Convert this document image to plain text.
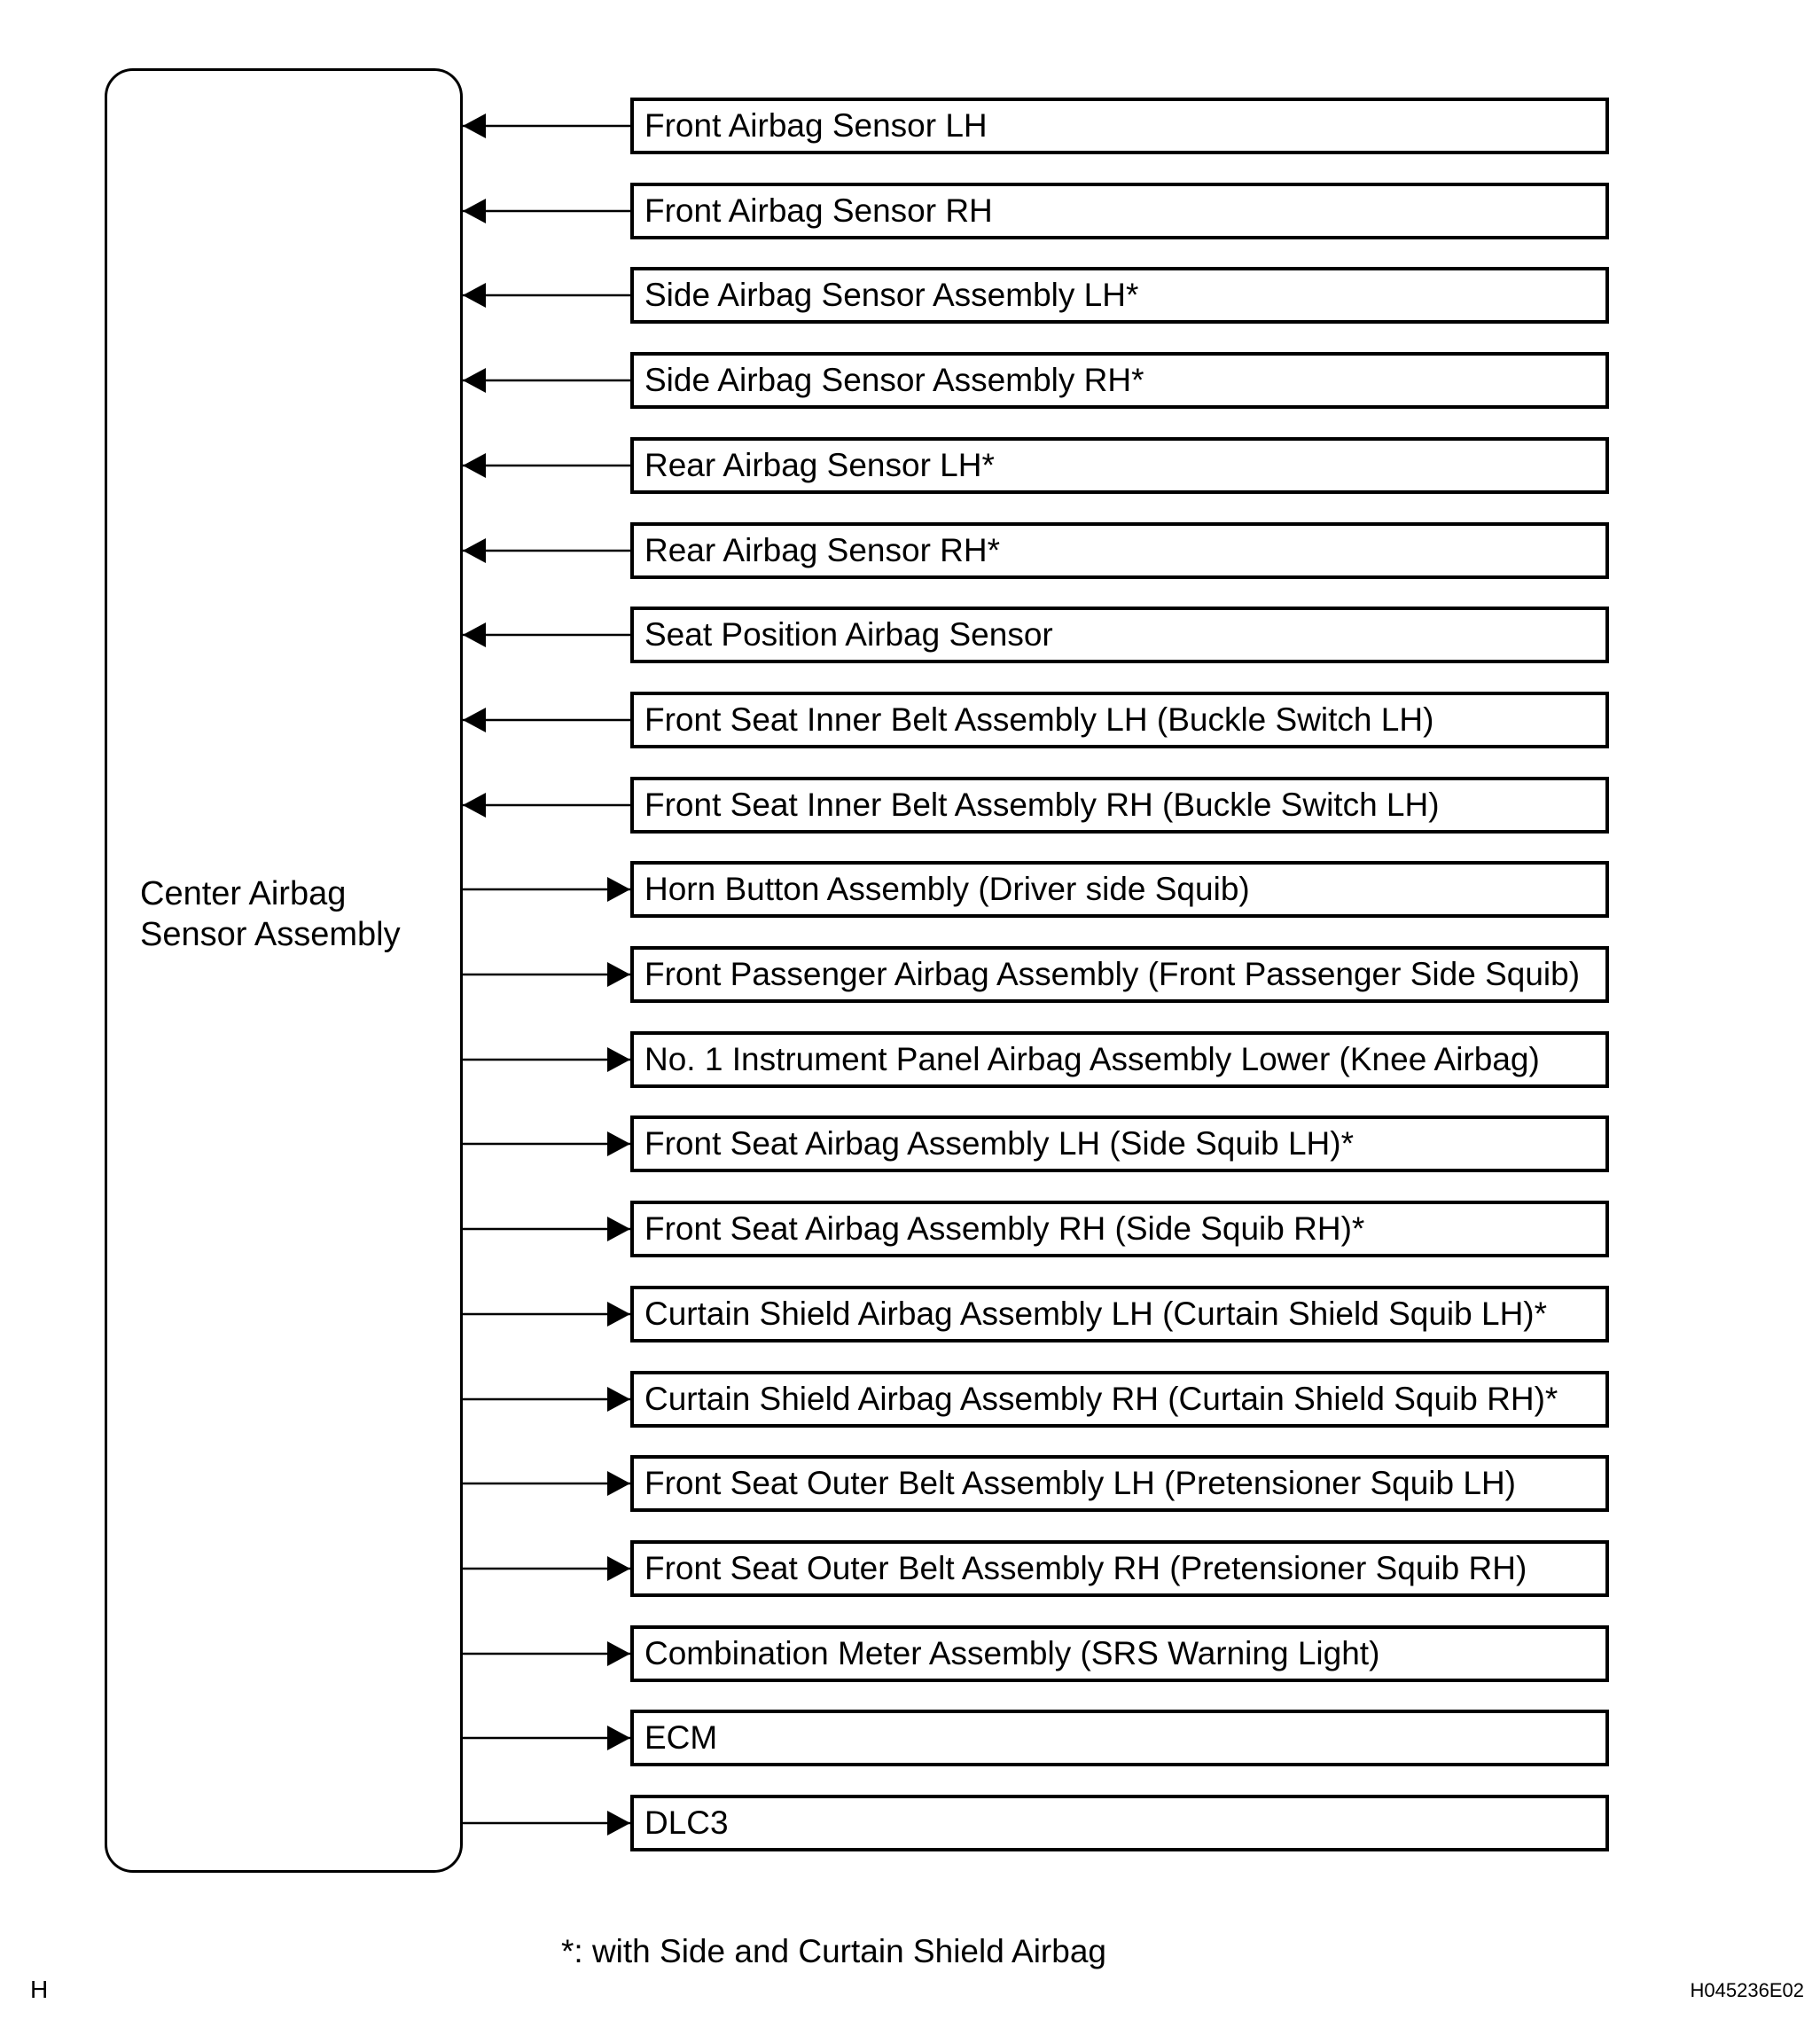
Center Airbag
Sensor Assembly
Front Airbag Sensor LH
Front Airbag Sensor RH
Side Airbag Sensor Assembly LH*
Side Airbag Sensor Assembly RH*
Rear Airbag Sensor LH*
Rear Airbag Sensor RH*
Seat Position Airbag Sensor
Front Seat Inner Belt Assembly LH (Buckle Switch LH)
Front Seat Inner Belt Assembly RH (Buckle Switch LH)
Horn Button Assembly (Driver side Squib)
Front Passenger Airbag Assembly (Front Passenger Side Squib)
No. 1 Instrument Panel Airbag Assembly Lower (Knee Airbag)
Front Seat Airbag Assembly LH (Side Squib LH)*
Front Seat Airbag Assembly RH (Side Squib RH)*
Curtain Shield Airbag Assembly LH (Curtain Shield Squib LH)*
Curtain Shield Airbag Assembly RH (Curtain Shield Squib RH)*
Front Seat Outer Belt Assembly LH (Pretensioner Squib LH)
Front Seat Outer Belt Assembly RH (Pretensioner Squib RH)
Combination Meter Assembly (SRS Warning Light)
ECM
DLC3
*: with Side and Curtain Shield Airbag
H	H045236E02
